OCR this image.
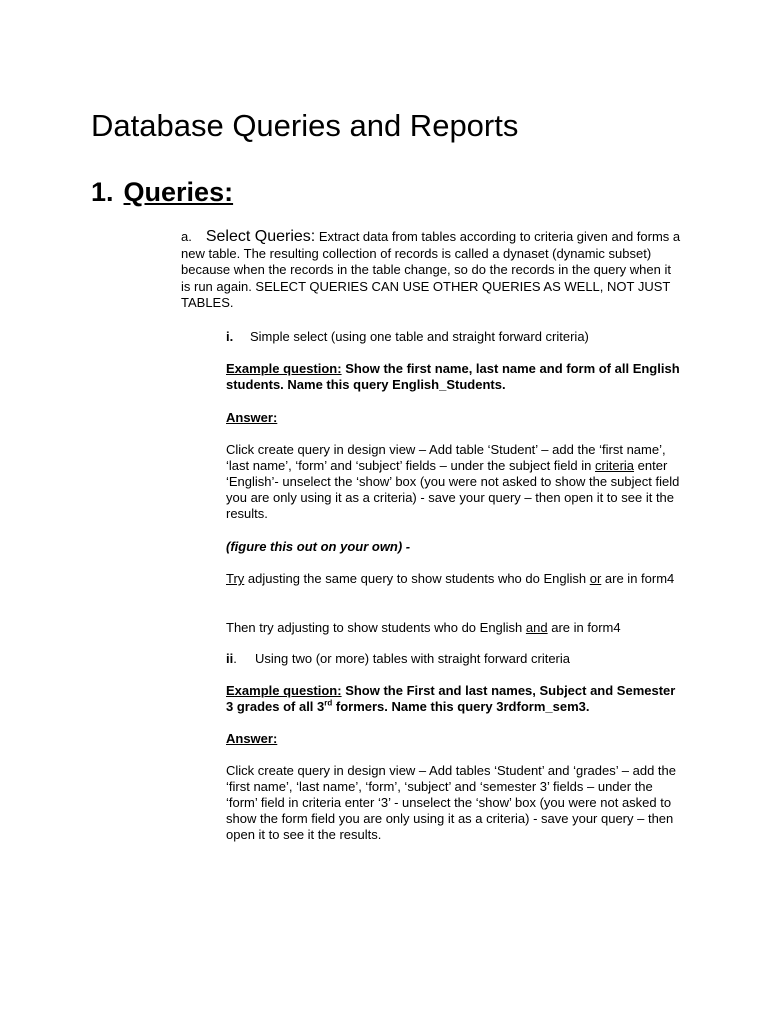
Database Queries and Reports
1. Queries:

a. Select Queries: Extract data from tables according to criteria given and forms a new table. The resulting collection of records is called a dynaset (dynamic subset) because when the records in the table change, so do the records in the query when it is run again. SELECT QUERIES CAN USE OTHER QUERIES AS WELL, NOT JUST TABLES.

i. Simple select (using one table and straight forward criteria)

Example question: Show the first name, last name and form of all English students. Name this query English_Students.

Answer:

Click create query in design view – Add table ‘Student’ – add the ‘first name’, ‘last name’, ‘form’ and ‘subject’ fields – under the subject field in criteria enter ‘English’- unselect the ‘show’ box (you were not asked to show the subject field you are only using it as a criteria) - save your query – then open it to see it the results.

(figure this out on your own) -

Try adjusting the same query to show students who do English or are in form4

Then try adjusting to show students who do English and are in form4

ii. Using two (or more) tables with straight forward criteria

Example question: Show the First and last names, Subject and Semester 3 grades of all 3rd formers. Name this query 3rdform_sem3.

Answer:

Click create query in design view – Add tables ‘Student’ and ‘grades’ – add the ‘first name’, ‘last name’, ‘form’, ‘subject’ and ‘semester 3’ fields – under the ‘form’ field in criteria enter ‘3’ - unselect the ‘show’ box (you were not asked to show the form field you are only using it as a criteria) - save your query – then open it to see it the results.
